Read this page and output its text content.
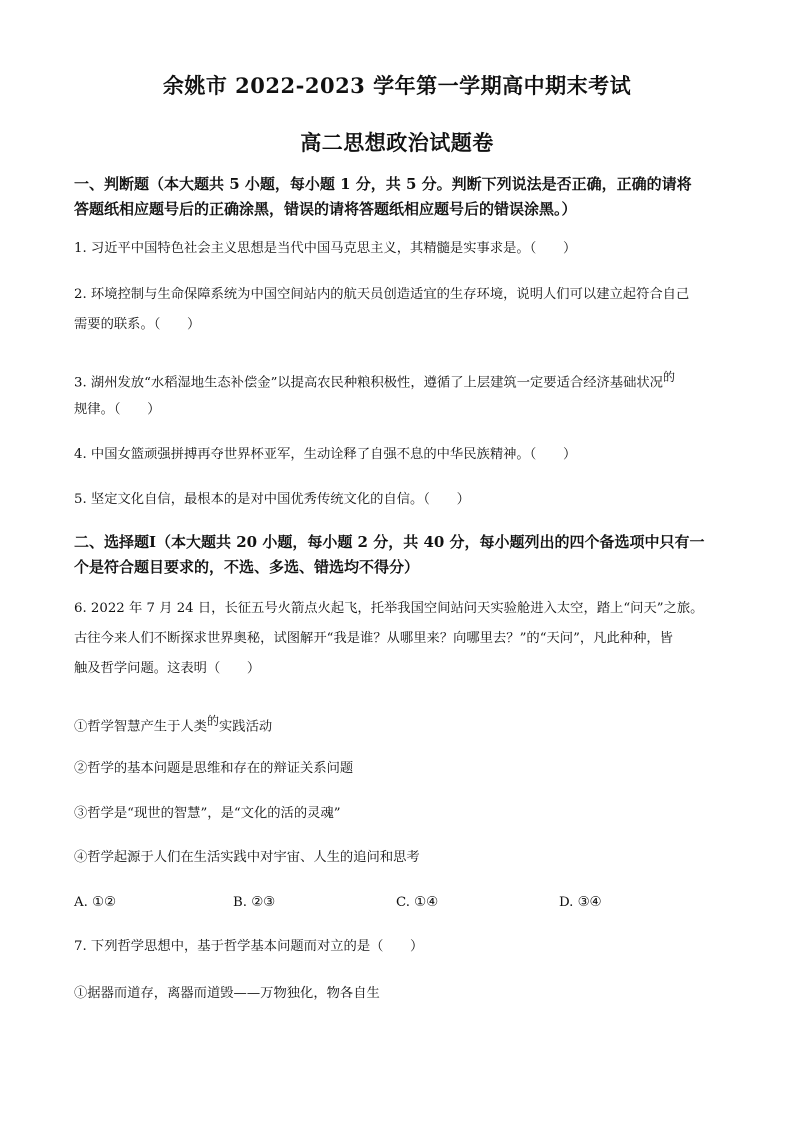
余姚市 2022-2023 学年第一学期高中期末考试
高二思想政治试题卷
一、判断题（本大题共 5 小题，每小题 1 分，共 5 分。判断下列说法是否正确，正确的请将
答题纸相应题号后的正确涂黑，错误的请将答题纸相应题号后的错误涂黑。）
1. 习近平中国特色社会主义思想是当代中国马克思主义，其精髓是实事求是。（　　）
2. 环境控制与生命保障系统为中国空间站内的航天员创造适宜的生存环境，说明人们可以建立起符合自己
需要的联系。（　　）
3. 湖州发放“水稻湿地生态补偿金”以提高农民种粮积极性，遵循了上层建筑一定要适合经济基础状况$^的$
规律。（　　）
4. 中国女篮顽强拼搏再夺世界杯亚军，生动诠释了自强不息的中华民族精神。（　　）
5. 坚定文化自信，最根本的是对中国优秀传统文化的自信。（　　）
二、选择题Ⅰ（本大题共 20 小题，每小题 2 分，共 40 分，每小题列出的四个备选项中只有一
个是符合题目要求的，不选、多选、错选均不得分）
6. 2022 年 7 月 24 日，长征五号火箭点火起飞，托举我国空间站问天实验舱进入太空，踏上“问天”之旅。
古往今来人们不断探求世界奥秘，试图解开“我是谁？从哪里来？向哪里去？”的“天问”，凡此种种，皆
触及哲学问题。这表明（　　）
①哲学智慧产生于人类$^的$实践活动
②哲学的基本问题是思维和存在的辩证关系问题
③哲学是“现世的智慧”，是“文化的活的灵魂”
④哲学起源于人们在生活实践中对宇宙、人生的追问和思考
A. ①②	B. ②③	C. ①④	D. ③④
7. 下列哲学思想中，基于哲学基本问题而对立的是（　　）
①据器而道存，离器而道毁——万物独化，物各自生
